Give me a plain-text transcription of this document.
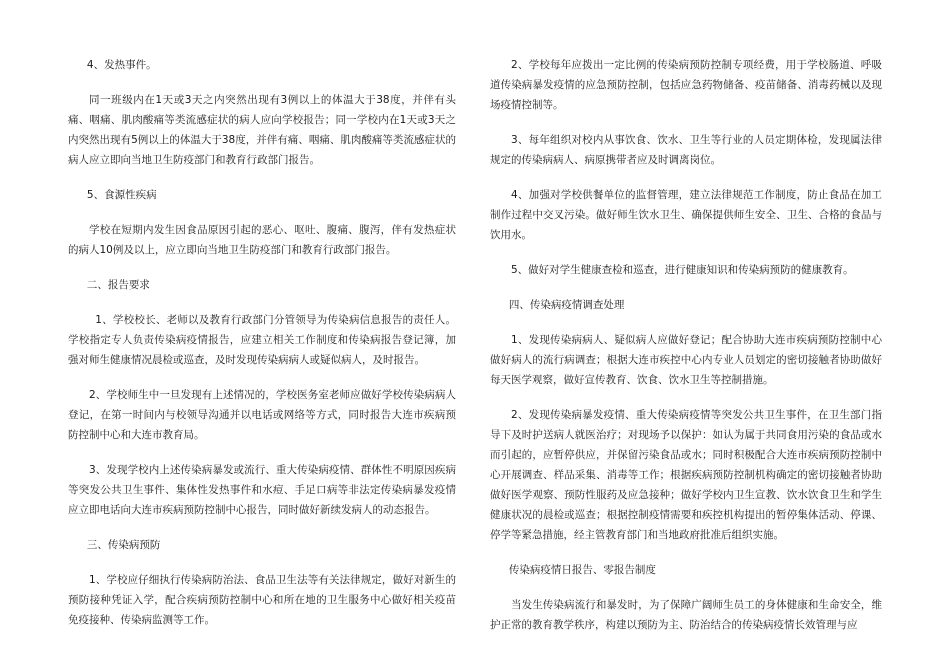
4、发热事件。

同一班级内在1天或3天之内突然出现有3例以上的体温大于38度，并伴有头痛、咽痛、肌肉酸痛等类流感症状的病人应向学校报告；同一学校内在1天或3天之内突然出现有5例以上的体温大于38度，并伴有痛、咽痛、肌肉酸痛等类流感症状的病人应立即向当地卫生防疫部门和教育行政部门报告。

5、食源性疾病

学校在短期内发生因食品原因引起的恶心、呕吐、腹痛、腹泻，伴有发热症状的病人10例及以上，应立即向当地卫生防疫部门和教育行政部门报告。

二、报告要求

1、学校校长、老师以及教育行政部门分管领导为传染病信息报告的责任人。学校指定专人负责传染病疫情报告，应建立相关工作制度和传染病报告登记簿，加强对师生健康情况晨检或巡查，及时发现传染病病人或疑似病人，及时报告。

2、学校师生中一旦发现有上述情况的，学校医务室老师应做好学校传染病病人登记，在第一时间内与校领导沟通并以电话或网络等方式，同时报告大连市疾病预防控制中心和大连市教育局。

3、发现学校内上述传染病暴发或流行、重大传染病疫情、群体性不明原因疾病等突发公共卫生事件、集体性发热事件和水痘、手足口病等非法定传染病暴发疫情应立即电话向大连市疾病预防控制中心报告，同时做好新续发病人的动态报告。

三、传染病预防

1、学校应仔细执行传染病防治法、食品卫生法等有关法律规定，做好对新生的预防接种凭证入学，配合疾病预防控制中心和所在地的卫生服务中心做好相关疫苗免疫接种、传染病监测等工作。

2、学校每年应拨出一定比例的传染病预防控制专项经费，用于学校肠道、呼吸道传染病暴发疫情的应急预防控制，包括应急药物储备、疫苗储备、消毒药械以及现场疫情控制等。

3、每年组织对校内从事饮食、饮水、卫生等行业的人员定期体检，发现属法律规定的传染病病人、病原携带者应及时调离岗位。

4、加强对学校供餐单位的监督管理，建立法律规范工作制度，防止食品在加工制作过程中交叉污染。做好师生饮水卫生、确保提供师生安全、卫生、合格的食品与饮用水。

5、做好对学生健康查检和巡查，进行健康知识和传染病预防的健康教育。

四、传染病疫情调查处理

1、发现传染病病人、疑似病人应做好登记；配合协助大连市疾病预防控制中心做好病人的流行病调查；根据大连市疾控中心内专业人员划定的密切接触者协助做好每天医学观察，做好宣传教育、饮食、饮水卫生等控制措施。

2、发现传染病暴发疫情、重大传染病疫情等突发公共卫生事件，在卫生部门指导下及时护送病人就医治疗；对现场予以保护：如认为属于共同食用污染的食品或水而引起的，应暂停供应，并保留污染食品或水；同时积极配合大连市疾病预防控制中心开展调查、样品采集、消毒等工作；根据疾病预防控制机构确定的密切接触者协助做好医学观察、预防性服药及应急接种；做好学校内卫生宣教、饮水饮食卫生和学生健康状况的晨检或巡查；根据控制疫情需要和疾控机构提出的暂停集体活动、停课、停学等紧急措施，经主管教育部门和当地政府批准后组织实施。

传染病疫情日报告、零报告制度

当发生传染病流行和暴发时，为了保障广阔师生员工的身体健康和生命安全，维护正常的教育教学秩序，构建以预防为主、防治结合的传染病疫情长效管理与应
